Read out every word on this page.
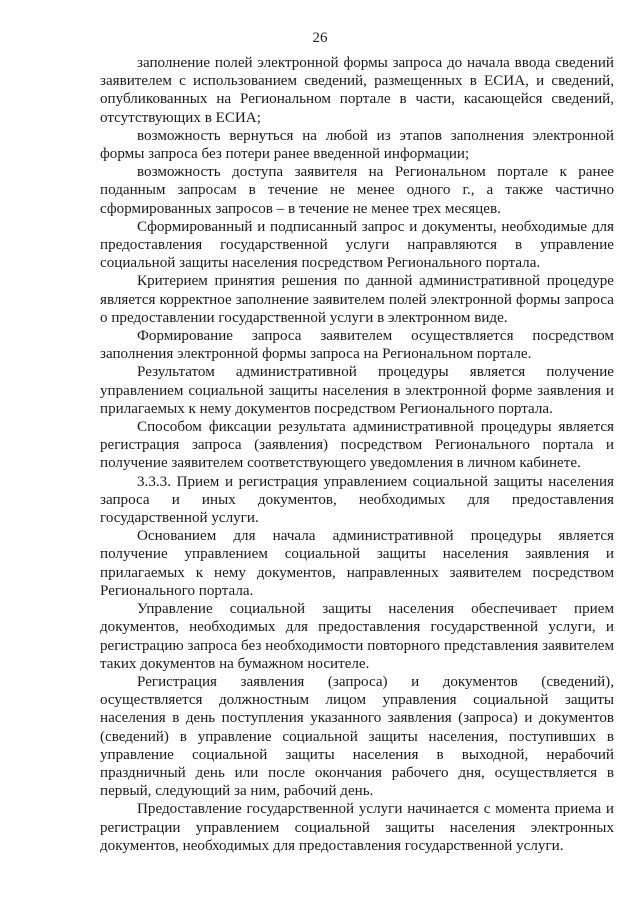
26

заполнение полей электронной формы запроса до начала ввода сведений заявителем с использованием сведений, размещенных в ЕСИА, и сведений, опубликованных на Региональном портале в части, касающейся сведений, отсутствующих в ЕСИА;

возможность вернуться на любой из этапов заполнения электронной формы запроса без потери ранее введенной информации;

возможность доступа заявителя на Региональном портале к ранее поданным запросам в течение не менее одного г., а также частично сформированных запросов – в течение не менее трех месяцев.

Сформированный и подписанный запрос и документы, необходимые для предоставления государственной услуги направляются в управление социальной защиты населения посредством Регионального портала.

Критерием принятия решения по данной административной процедуре является корректное заполнение заявителем полей электронной формы запроса о предоставлении государственной услуги в электронном виде.

Формирование запроса заявителем осуществляется посредством заполнения электронной формы запроса на Региональном портале.

Результатом административной процедуры является получение управлением социальной защиты населения в электронной форме заявления и прилагаемых к нему документов посредством Регионального портала.

Способом фиксации результата административной процедуры является регистрация запроса (заявления) посредством Регионального портала и получение заявителем соответствующего уведомления в личном кабинете.

3.3.3. Прием и регистрация управлением социальной защиты населения запроса и иных документов, необходимых для предоставления государственной услуги.

Основанием для начала административной процедуры является получение управлением социальной защиты населения заявления и прилагаемых к нему документов, направленных заявителем посредством Регионального портала.

Управление социальной защиты населения обеспечивает прием документов, необходимых для предоставления государственной услуги, и регистрацию запроса без необходимости повторного представления заявителем таких документов на бумажном носителе.

Регистрация заявления (запроса) и документов (сведений), осуществляется должностным лицом управления социальной защиты населения в день поступления указанного заявления (запроса) и документов (сведений) в управление социальной защиты населения, поступивших в управление социальной защиты населения в выходной, нерабочий праздничный день или после окончания рабочего дня, осуществляется в первый, следующий за ним, рабочий день.

Предоставление государственной услуги начинается с момента приема и регистрации управлением социальной защиты населения электронных документов, необходимых для предоставления государственной услуги.
